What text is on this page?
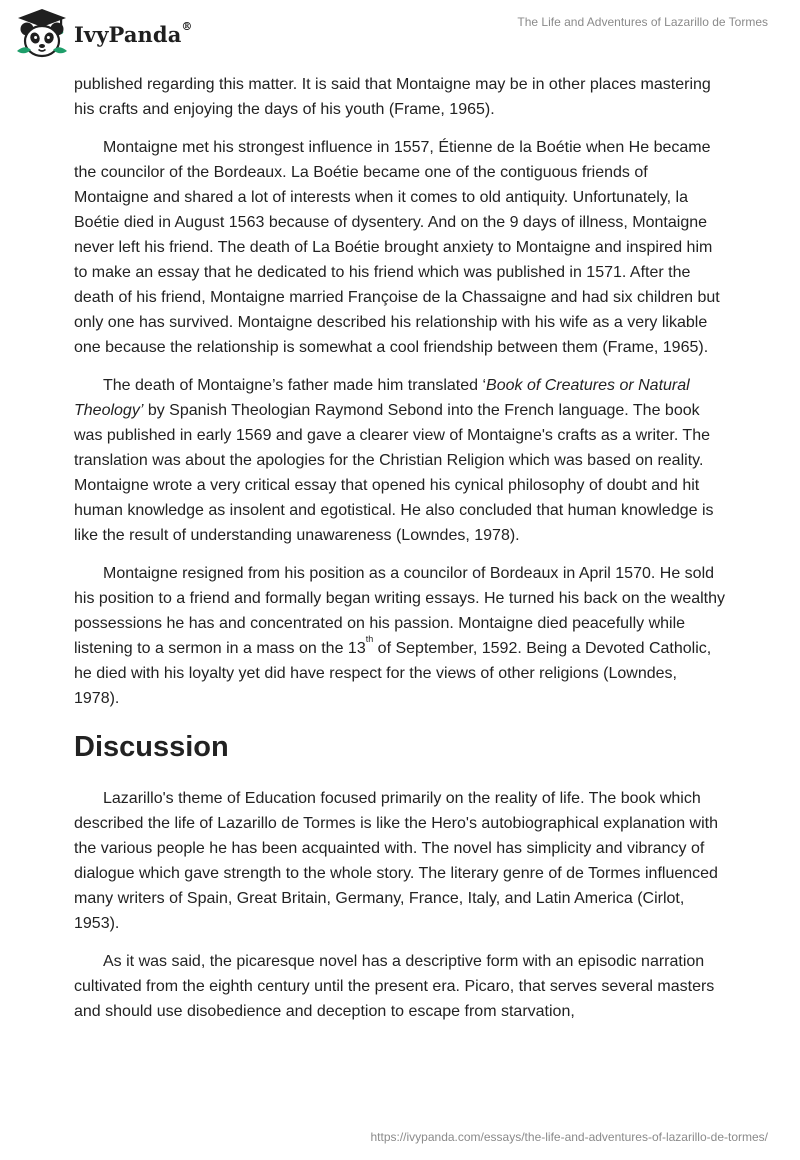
IvyPanda®	The Life and Adventures of Lazarillo de Tormes

published regarding this matter. It is said that Montaigne may be in other places mastering his crafts and enjoying the days of his youth (Frame, 1965).

Montaigne met his strongest influence in 1557, Étienne de la Boétie when He became the councilor of the Bordeaux. La Boétie became one of the contiguous friends of Montaigne and shared a lot of interests when it comes to old antiquity. Unfortunately, la Boétie died in August 1563 because of dysentery. And on the 9 days of illness, Montaigne never left his friend. The death of La Boétie brought anxiety to Montaigne and inspired him to make an essay that he dedicated to his friend which was published in 1571. After the death of his friend, Montaigne married Françoise de la Chassaigne and had six children but only one has survived. Montaigne described his relationship with his wife as a very likable one because the relationship is somewhat a cool friendship between them (Frame, 1965).

The death of Montaigne’s father made him translated ‘Book of Creatures or Natural Theology’ by Spanish Theologian Raymond Sebond into the French language. The book was published in early 1569 and gave a clearer view of Montaigne's crafts as a writer. The translation was about the apologies for the Christian Religion which was based on reality. Montaigne wrote a very critical essay that opened his cynical philosophy of doubt and hit human knowledge as insolent and egotistical. He also concluded that human knowledge is like the result of understanding unawareness (Lowndes, 1978).

Montaigne resigned from his position as a councilor of Bordeaux in April 1570. He sold his position to a friend and formally began writing essays. He turned his back on the wealthy possessions he has and concentrated on his passion. Montaigne died peacefully while listening to a sermon in a mass on the 13th of September, 1592. Being a Devoted Catholic, he died with his loyalty yet did have respect for the views of other religions (Lowndes, 1978).

Discussion

Lazarillo's theme of Education focused primarily on the reality of life. The book which described the life of Lazarillo de Tormes is like the Hero's autobiographical explanation with the various people he has been acquainted with. The novel has simplicity and vibrancy of dialogue which gave strength to the whole story. The literary genre of de Tormes influenced many writers of Spain, Great Britain, Germany, France, Italy, and Latin America (Cirlot, 1953).

As it was said, the picaresque novel has a descriptive form with an episodic narration cultivated from the eighth century until the present era. Picaro, that serves several masters and should use disobedience and deception to escape from starvation,

https://ivypanda.com/essays/the-life-and-adventures-of-lazarillo-de-tormes/
